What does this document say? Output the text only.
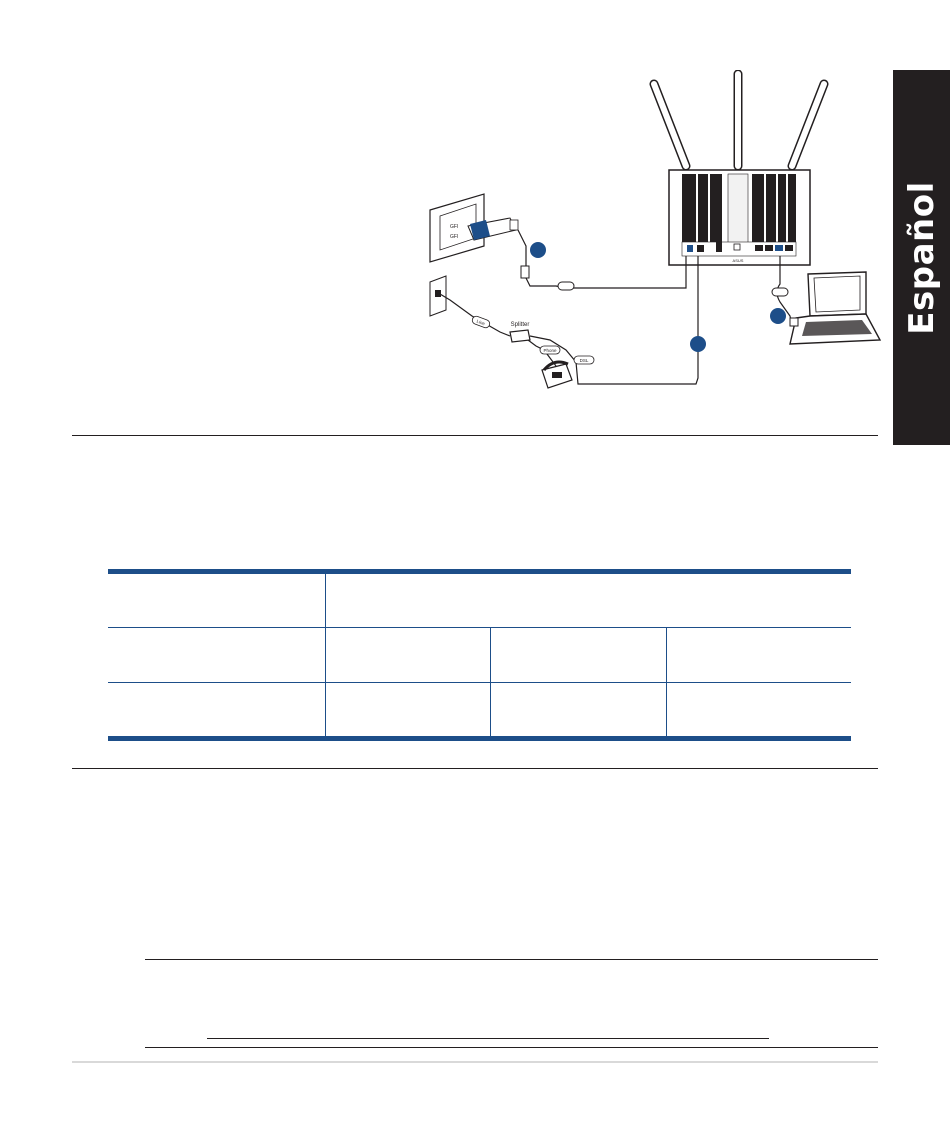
Español
ASUS
GFI
GFI
Line	Splitter
Phone
DSL
